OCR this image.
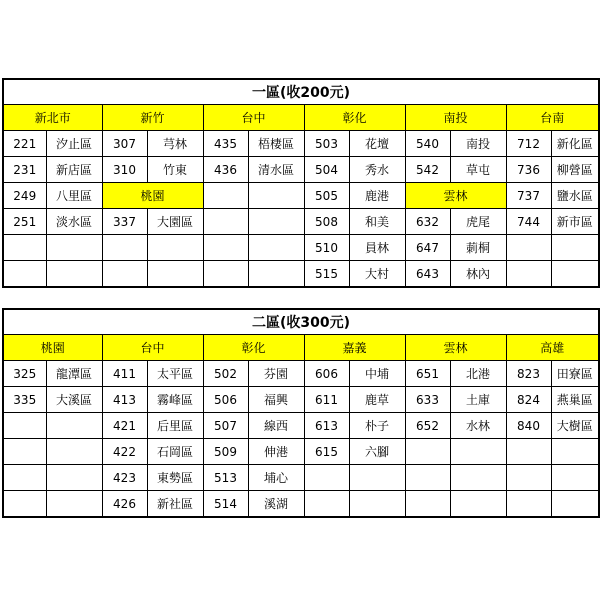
一區(收200元)											
新北市		新竹		台中		彰化		南投		台南	
221	汐止區	307	芎林	435	梧棲區	503	花壇	540	南投	712	新化區
231	新店區	310	竹東	436	清水區	504	秀水	542	草屯	736	柳營區
249	八里區	桃園				505	鹿港	雲林		737	鹽水區
251	淡水區	337	大園區			508	和美	632	虎尾	744	新市區
						510	員林	647	莿桐		
						515	大村	643	林內		
二區(收300元)											
桃園		台中		彰化		嘉義		雲林		高雄	
325	龍潭區	411	太平區	502	芬園	606	中埔	651	北港	823	田寮區
335	大溪區	413	霧峰區	506	福興	611	鹿草	633	土庫	824	燕巢區
		421	后里區	507	線西	613	朴子	652	水林	840	大樹區
		422	石岡區	509	伸港	615	六腳				
		423	東勢區	513	埔心						
		426	新社區	514	溪湖						
